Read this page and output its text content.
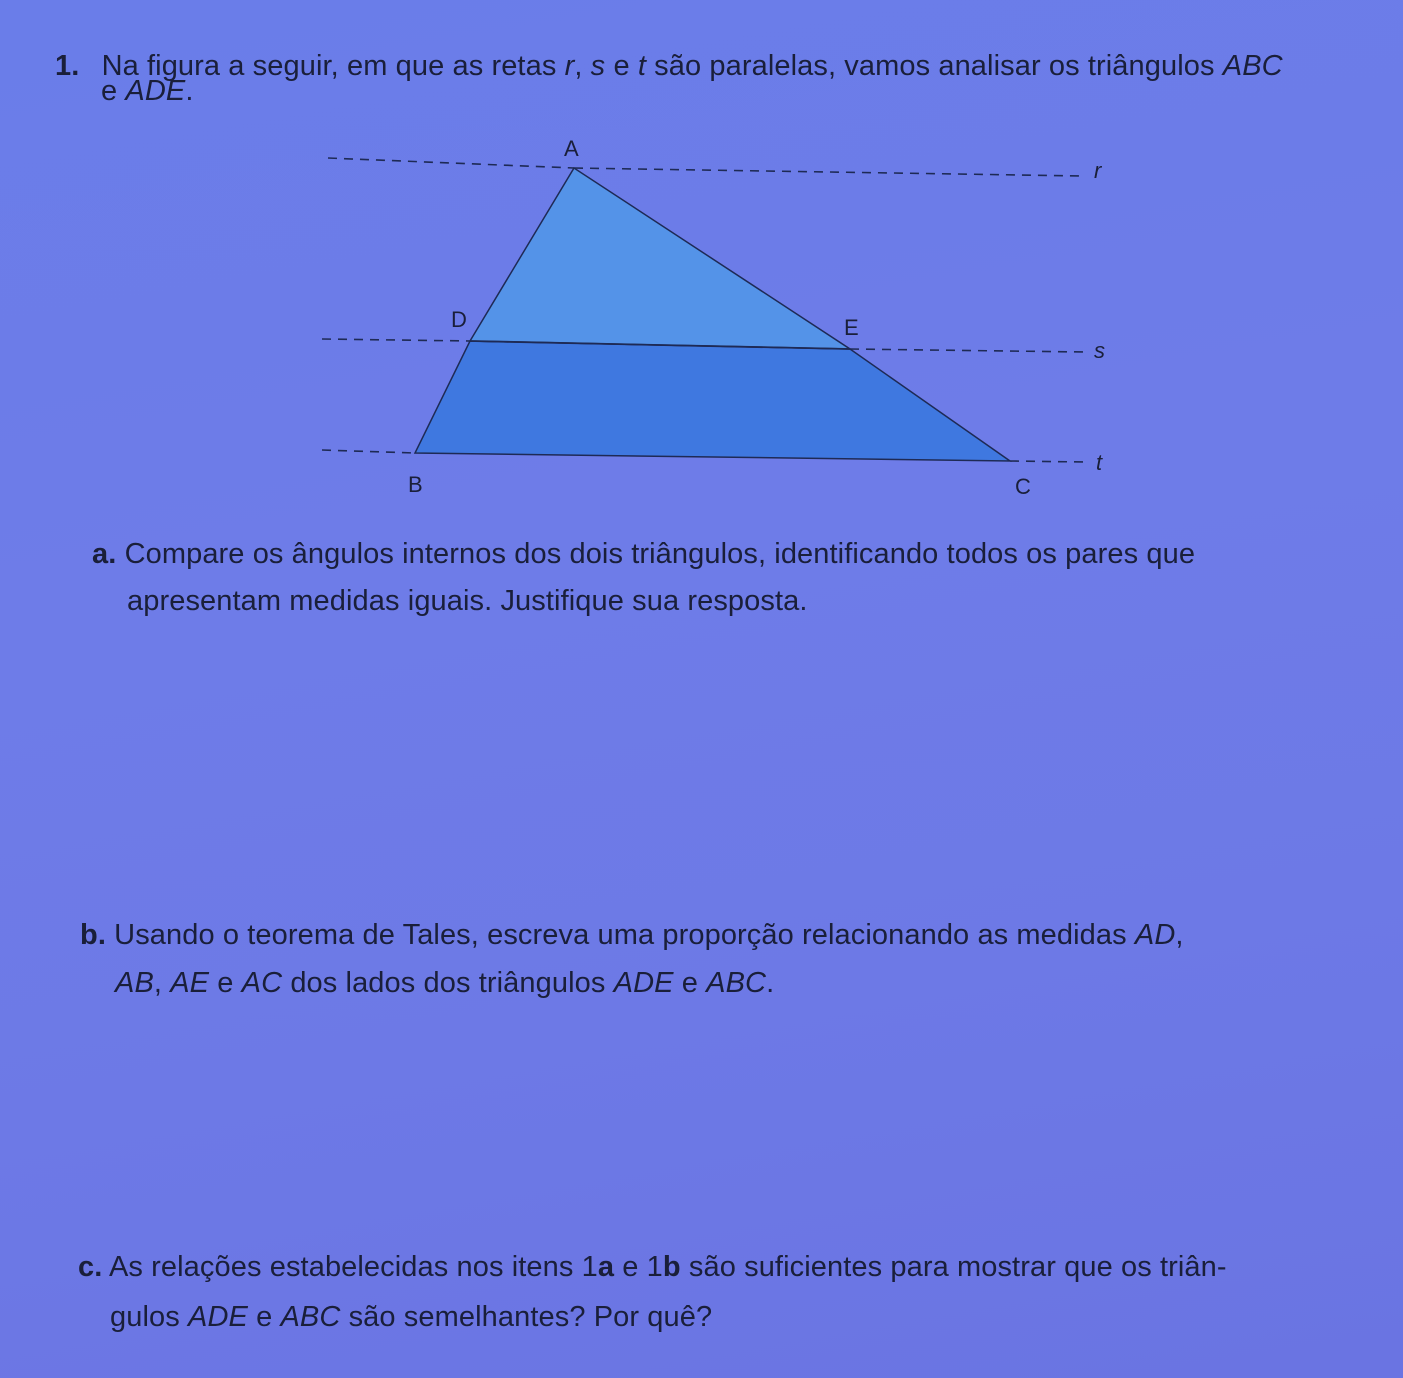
1. Na figura a seguir, em que as retas r, s e t são paralelas, vamos analisar os triângulos ABC
e ADE.
A
D	E
B	C
r
s
t
a. Compare os ângulos internos dos dois triângulos, identificando todos os pares que
apresentam medidas iguais. Justifique sua resposta.
b. Usando o teorema de Tales, escreva uma proporção relacionando as medidas AD,
AB, AE e AC dos lados dos triângulos ADE e ABC.
c. As relações estabelecidas nos itens 1a e 1b são suficientes para mostrar que os triân-
gulos ADE e ABC são semelhantes? Por quê?
